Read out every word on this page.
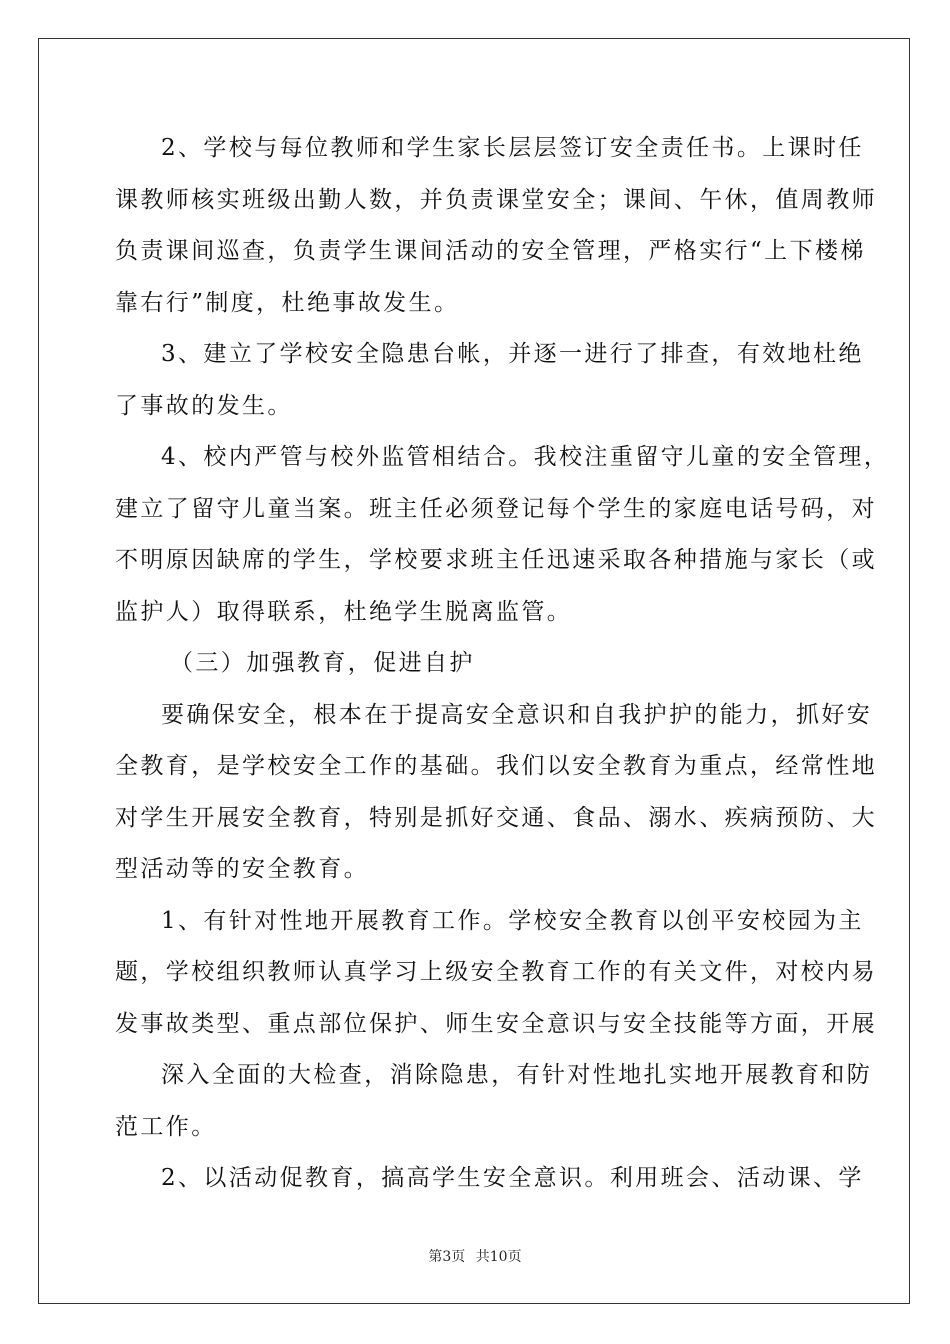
2、学校与每位教师和学生家长层层签订安全责任书。上课时任
课教师核实班级出勤人数，并负责课堂安全；课间、午休，值周教师
负责课间巡查，负责学生课间活动的安全管理，严格实行“上下楼梯
靠右行”制度，杜绝事故发生。
3、建立了学校安全隐患台帐，并逐一进行了排查，有效地杜绝
了事故的发生。
4、校内严管与校外监管相结合。我校注重留守儿童的安全管理，
建立了留守儿童当案。班主任必须登记每个学生的家庭电话号码，对
不明原因缺席的学生，学校要求班主任迅速采取各种措施与家长（或
监护人）取得联系，杜绝学生脱离监管。
（三）加强教育，促进自护
要确保安全，根本在于提高安全意识和自我护护的能力，抓好安
全教育，是学校安全工作的基础。我们以安全教育为重点，经常性地
对学生开展安全教育，特别是抓好交通、食品、溺水、疾病预防、大
型活动等的安全教育。
1、有针对性地开展教育工作。学校安全教育以创平安校园为主
题，学校组织教师认真学习上级安全教育工作的有关文件，对校内易
发事故类型、重点部位保护、师生安全意识与安全技能等方面，开展
深入全面的大检查，消除隐患，有针对性地扎实地开展教育和防
范工作。
2、以活动促教育，搞高学生安全意识。利用班会、活动课、学
第3页 共10页
